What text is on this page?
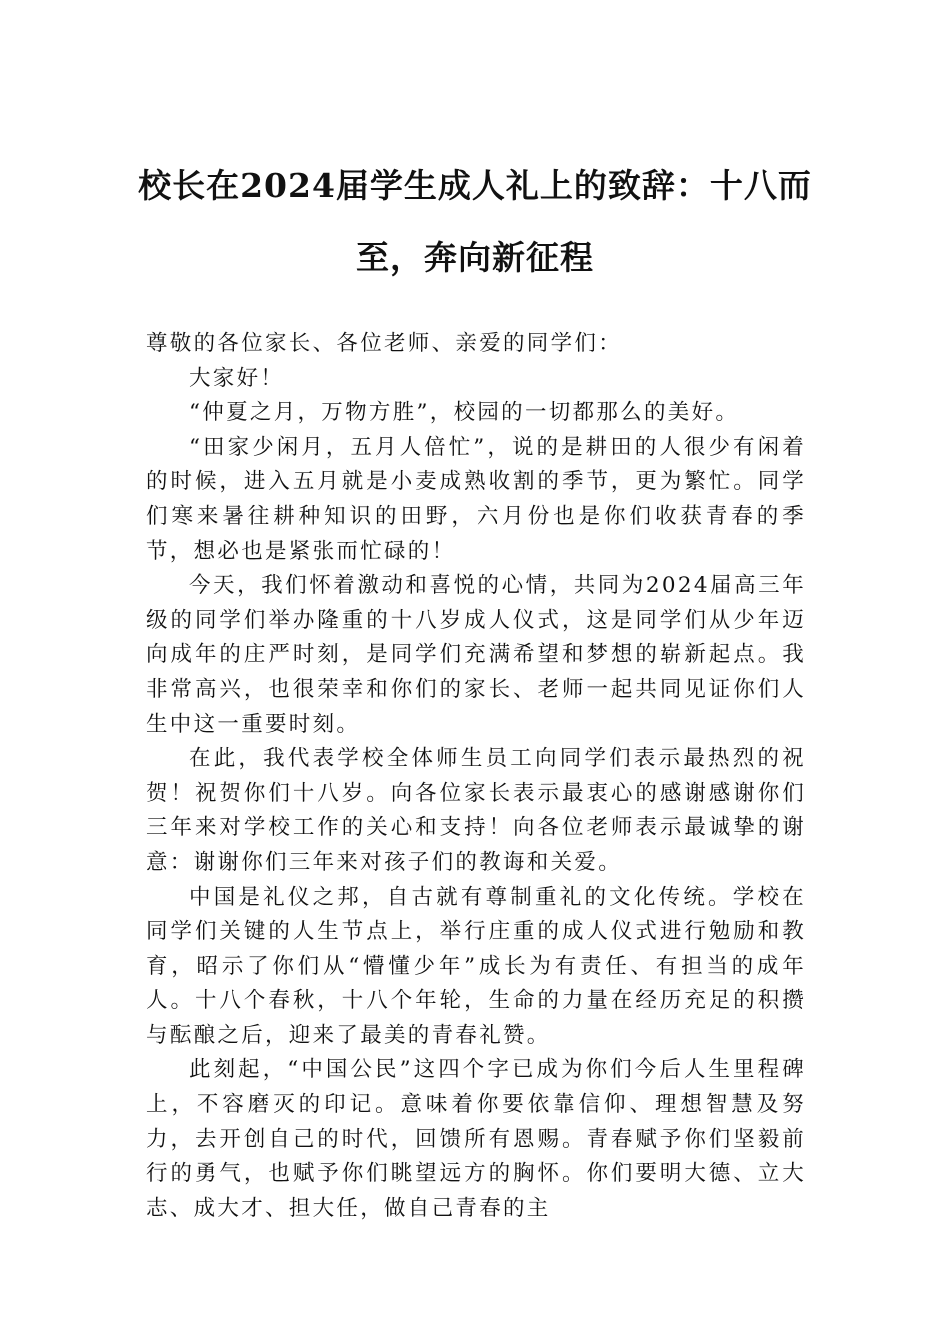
校长在2024届学生成人礼上的致辞：十八而至，奔向新征程

尊敬的各位家长、各位老师、亲爱的同学们：

大家好！

“仲夏之月，万物方胜”，校园的一切都那么的美好。

“田家少闲月，五月人倍忙”，说的是耕田的人很少有闲着的时候，进入五月就是小麦成熟收割的季节，更为繁忙。同学们寒来暑往耕种知识的田野，六月份也是你们收获青春的季节，想必也是紧张而忙碌的！

今天，我们怀着激动和喜悦的心情，共同为2024届高三年级的同学们举办隆重的十八岁成人仪式，这是同学们从少年迈向成年的庄严时刻，是同学们充满希望和梦想的崭新起点。我非常高兴，也很荣幸和你们的家长、老师一起共同见证你们人生中这一重要时刻。

在此，我代表学校全体师生员工向同学们表示最热烈的祝贺！祝贺你们十八岁。向各位家长表示最衷心的感谢感谢你们三年来对学校工作的关心和支持！向各位老师表示最诚挚的谢意：谢谢你们三年来对孩子们的教诲和关爱。

中国是礼仪之邦，自古就有尊制重礼的文化传统。学校在同学们关键的人生节点上，举行庄重的成人仪式进行勉励和教育，昭示了你们从“懵懂少年”成长为有责任、有担当的成年人。十八个春秋，十八个年轮，生命的力量在经历充足的积攒与酝酿之后，迎来了最美的青春礼赞。

此刻起，“中国公民”这四个字已成为你们今后人生里程碑上，不容磨灭的印记。意味着你要依靠信仰、理想智慧及努力，去开创自己的时代，回馈所有恩赐。青春赋予你们坚毅前行的勇气，也赋予你们眺望远方的胸怀。你们要明大德、立大志、成大才、担大任，做自己青春的主
